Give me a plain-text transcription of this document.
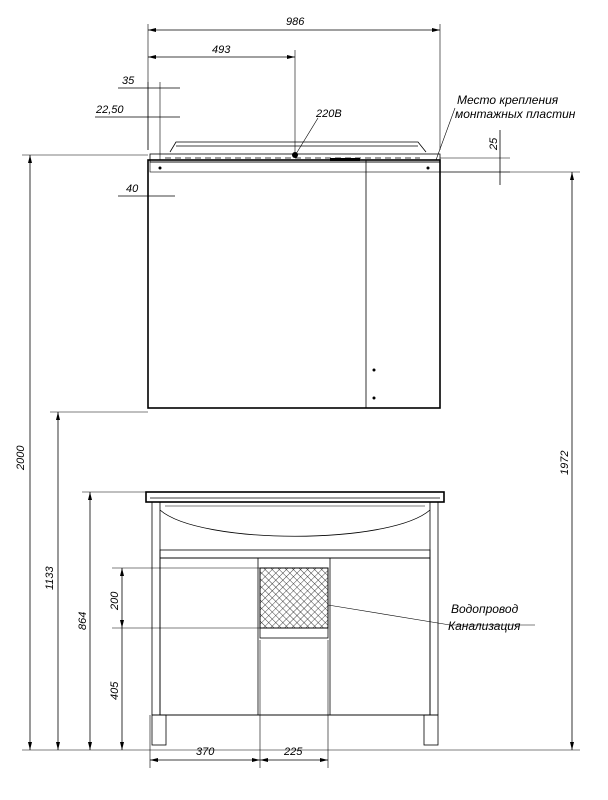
986
493
35
22,50	220В
Место крепления
монтажных пластин
25
40
2000	1972
1133
864
200
405
Водопровод
Канализация
370	225
